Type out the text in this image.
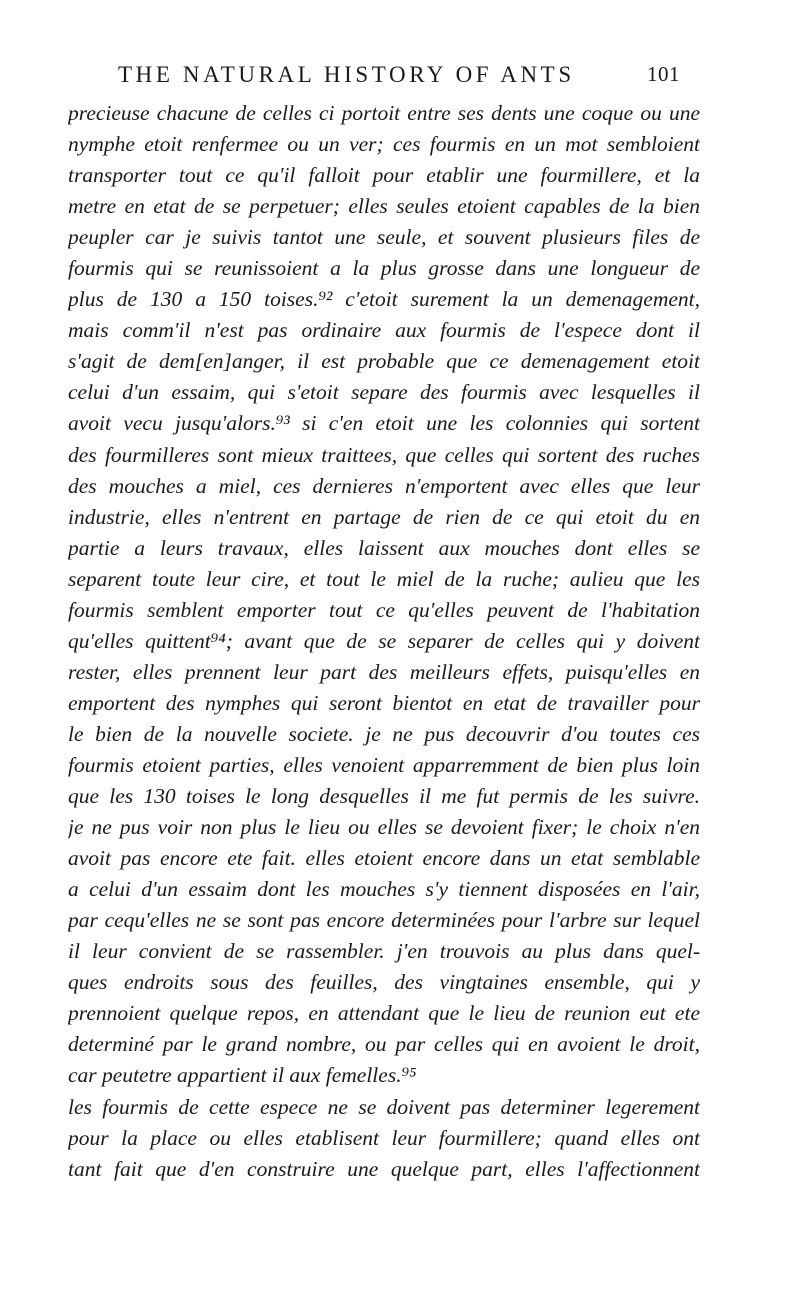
THE NATURAL HISTORY OF ANTS	101
precieuse chacune de celles ci portoit entre ses dents une coque ou une
nymphe etoit renfermee ou un ver; ces fourmis en un mot sembloient
transporter tout ce qu'il falloit pour etablir une fourmillere, et la
metre en etat de se perpetuer; elles seules etoient capables de la bien
peupler car je suivis tantot une seule, et souvent plusieurs files de
fourmis qui se reunissoient a la plus grosse dans une longueur de
plus de 130 a 150 toises.⁹² c'etoit surement la un demenagement,
mais comm'il n'est pas ordinaire aux fourmis de l'espece dont il
s'agit de dem[en]anger, il est probable que ce demenagement etoit
celui d'un essaim, qui s'etoit separe des fourmis avec lesquelles il
avoit vecu jusqu'alors.⁹³ si c'en etoit une les colonnies qui sortent
des fourmilleres sont mieux traittees, que celles qui sortent des ruches
des mouches a miel, ces dernieres n'emportent avec elles que leur
industrie, elles n'entrent en partage de rien de ce qui etoit du en
partie a leurs travaux, elles laissent aux mouches dont elles se
separent toute leur cire, et tout le miel de la ruche; aulieu que les
fourmis semblent emporter tout ce qu'elles peuvent de l'habitation
qu'elles quittent⁹⁴; avant que de se separer de celles qui y doivent
rester, elles prennent leur part des meilleurs effets, puisqu'elles en
emportent des nymphes qui seront bientot en etat de travailler pour
le bien de la nouvelle societe. je ne pus decouvrir d'ou toutes ces
fourmis etoient parties, elles venoient apparremment de bien plus loin
que les 130 toises le long desquelles il me fut permis de les suivre.
je ne pus voir non plus le lieu ou elles se devoient fixer; le choix n'en
avoit pas encore ete fait. elles etoient encore dans un etat semblable
a celui d'un essaim dont les mouches s'y tiennent disposées en l'air,
par cequ'elles ne se sont pas encore determinées pour l'arbre sur lequel
il leur convient de se rassembler. j'en trouvois au plus dans quel-
ques endroits sous des feuilles, des vingtaines ensemble, qui y
prennoient quelque repos, en attendant que le lieu de reunion eut ete
determiné par le grand nombre, ou par celles qui en avoient le droit,
car peutetre appartient il aux femelles.⁹⁵
les fourmis de cette espece ne se doivent pas determiner legerement
pour la place ou elles etablisent leur fourmillere; quand elles ont
tant fait que d'en construire une quelque part, elles l'affectionnent
